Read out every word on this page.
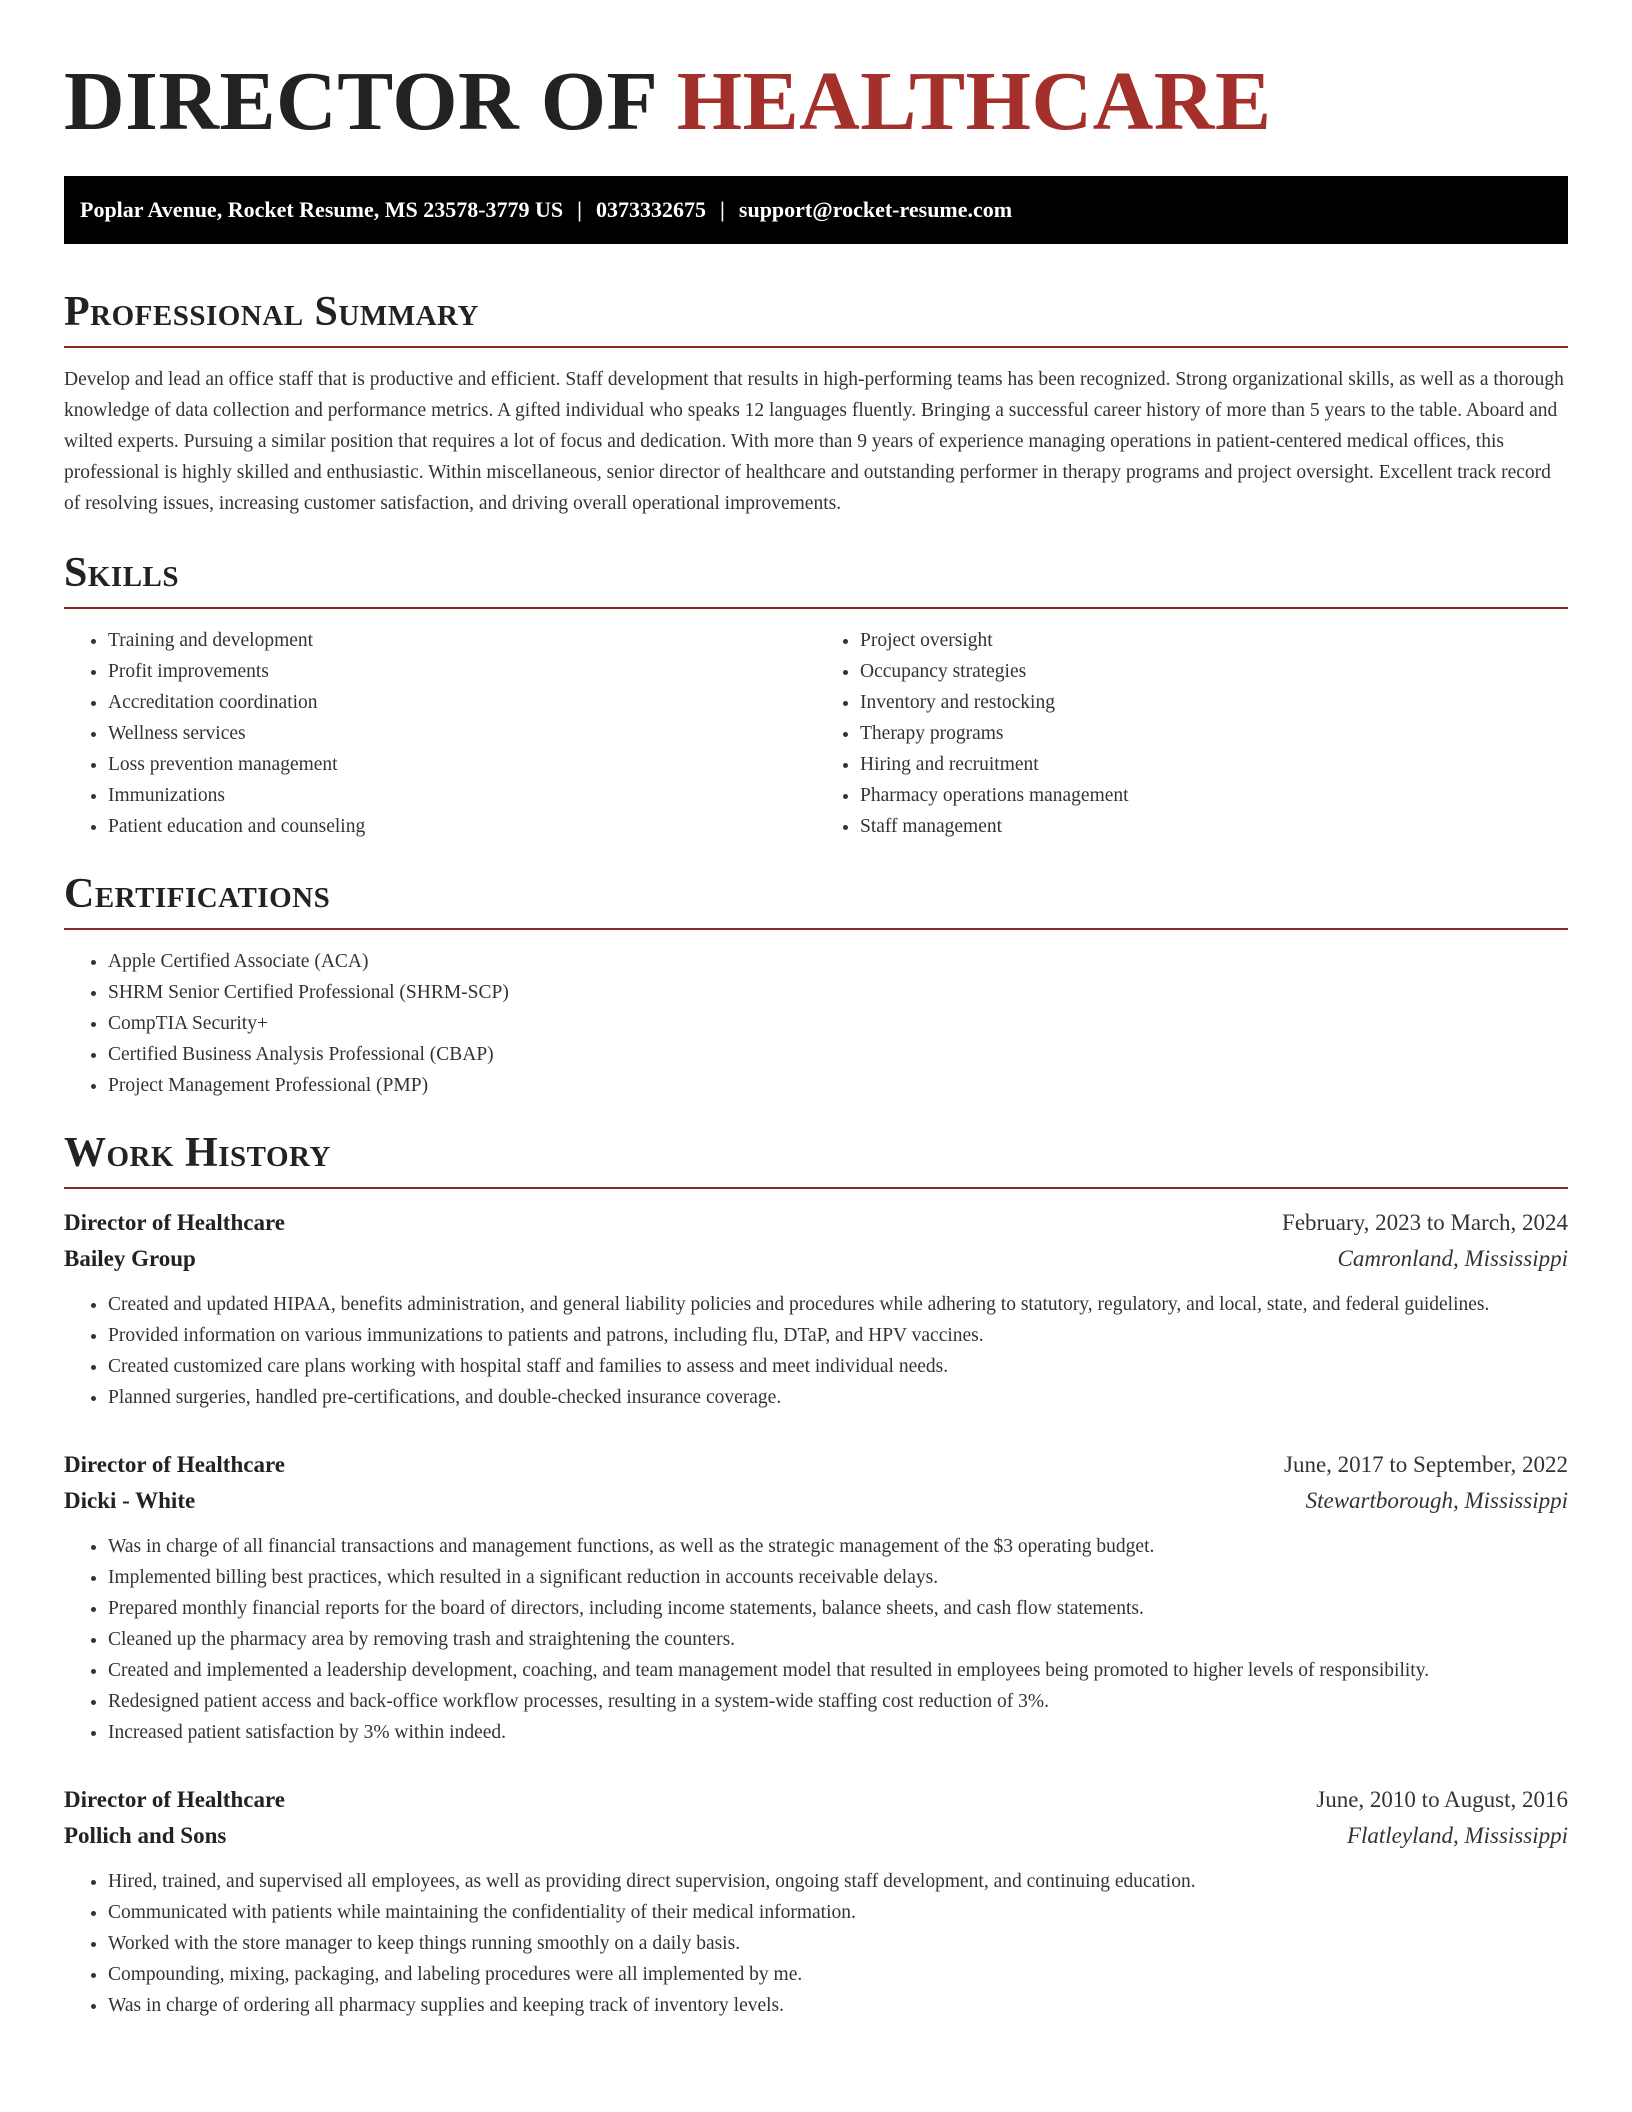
DIRECTOR OF HEALTHCARE
Poplar Avenue, Rocket Resume, MS 23578-3779 US | 0373332675 | support@rocket-resume.com
Professional Summary

Develop and lead an office staff that is productive and efficient. Staff development that results in high-performing teams has been recognized. Strong organizational skills, as well as a thorough knowledge of data collection and performance metrics. A gifted individual who speaks 12 languages fluently. Bringing a successful career history of more than 5 years to the table. Aboard and wilted experts. Pursuing a similar position that requires a lot of focus and dedication. With more than 9 years of experience managing operations in patient-centered medical offices, this professional is highly skilled and enthusiastic. Within miscellaneous, senior director of healthcare and outstanding performer in therapy programs and project oversight. Excellent track record of resolving issues, increasing customer satisfaction, and driving overall operational improvements.

Skills
• Training and development
• Profit improvements
• Accreditation coordination
• Wellness services
• Loss prevention management
• Immunizations
• Patient education and counseling
• Project oversight
• Occupancy strategies
• Inventory and restocking
• Therapy programs
• Hiring and recruitment
• Pharmacy operations management
• Staff management
Certifications
• Apple Certified Associate (ACA)
• SHRM Senior Certified Professional (SHRM-SCP)
• CompTIA Security+
• Certified Business Analysis Professional (CBAP)
• Project Management Professional (PMP)
Work History
Director of Healthcare	February, 2023 to March, 2024
Bailey Group	Camronland, Mississippi
• Created and updated HIPAA, benefits administration, and general liability policies and procedures while adhering to statutory, regulatory, and local, state, and federal guidelines.
• Provided information on various immunizations to patients and patrons, including flu, DTaP, and HPV vaccines.
• Created customized care plans working with hospital staff and families to assess and meet individual needs.
• Planned surgeries, handled pre-certifications, and double-checked insurance coverage.
Director of Healthcare	June, 2017 to September, 2022
Dicki - White	Stewartborough, Mississippi
• Was in charge of all financial transactions and management functions, as well as the strategic management of the $3 operating budget.
• Implemented billing best practices, which resulted in a significant reduction in accounts receivable delays.
• Prepared monthly financial reports for the board of directors, including income statements, balance sheets, and cash flow statements.
• Cleaned up the pharmacy area by removing trash and straightening the counters.
• Created and implemented a leadership development, coaching, and team management model that resulted in employees being promoted to higher levels of responsibility.
• Redesigned patient access and back-office workflow processes, resulting in a system-wide staffing cost reduction of 3%.
• Increased patient satisfaction by 3% within indeed.
Director of Healthcare	June, 2010 to August, 2016
Pollich and Sons	Flatleyland, Mississippi
• Hired, trained, and supervised all employees, as well as providing direct supervision, ongoing staff development, and continuing education.
• Communicated with patients while maintaining the confidentiality of their medical information.
• Worked with the store manager to keep things running smoothly on a daily basis.
• Compounding, mixing, packaging, and labeling procedures were all implemented by me.
• Was in charge of ordering all pharmacy supplies and keeping track of inventory levels.
